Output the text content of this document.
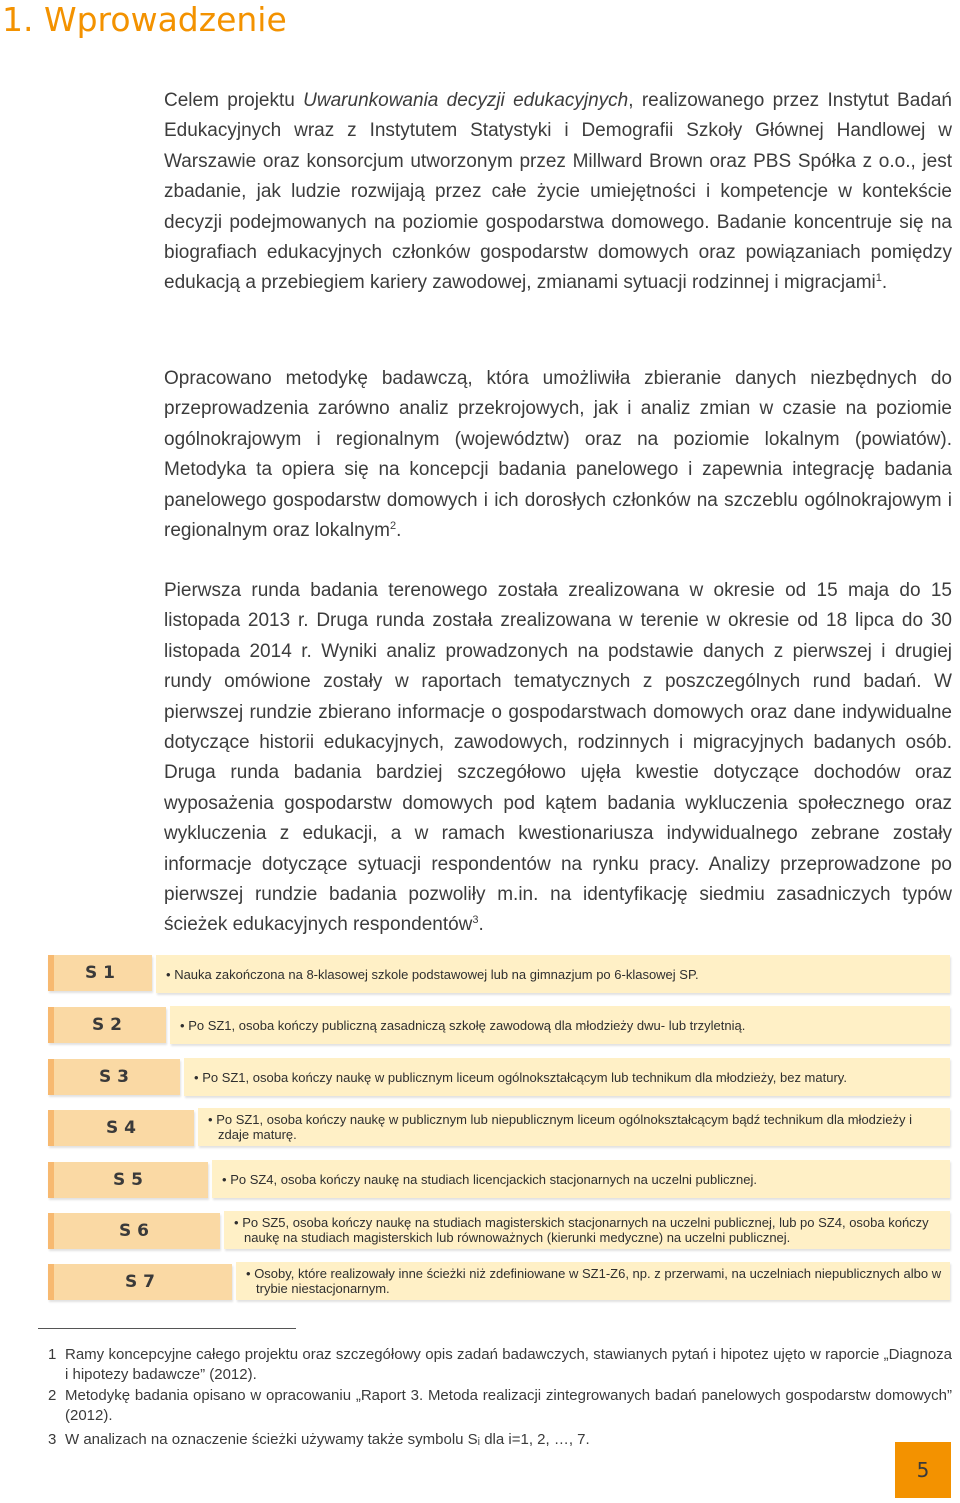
1. Wprowadzenie
Celem projektu Uwarunkowania decyzji edukacyjnych, realizowanego przez Instytut Badań Edukacyjnych wraz z Instytutem Statystyki i Demografii Szkoły Głównej Handlowej w Warszawie oraz konsorcjum utworzonym przez Millward Brown oraz PBS Spółka z o.o., jest zbadanie, jak ludzie rozwijają przez całe życie umiejętności i kompetencje w kontekście decyzji podejmowanych na poziomie gospodarstwa domowego. Badanie koncentruje się na biografiach edukacyjnych członków gospodarstw domowych oraz powiązaniach pomiędzy edukacją a przebiegiem kariery zawodowej, zmianami sytuacji rodzinnej i migracjami$^1$.
Opracowano metodykę badawczą, która umożliwiła zbieranie danych niezbędnych do przeprowadzenia zarówno analiz przekrojowych, jak i analiz zmian w czasie na poziomie ogólnokrajowym i regionalnym (województw) oraz na poziomie lokalnym (powiatów). Metodyka ta opiera się na koncepcji badania panelowego i zapewnia integrację badania panelowego gospodarstw domowych i ich dorosłych członków na szczeblu ogólnokrajowym i regionalnym oraz lokalnym$^2$.
Pierwsza runda badania terenowego została zrealizowana w okresie od 15 maja do 15 listopada 2013 r. Druga runda została zrealizowana w terenie w okresie od 18 lipca do 30 listopada 2014 r. Wyniki analiz prowadzonych na podstawie danych z pierwszej i drugiej rundy omówione zostały w raportach tematycznych z poszczególnych rund badań. W pierwszej rundzie zbierano informacje o gospodarstwach domowych oraz dane indywidualne dotyczące historii edukacyjnych, zawodowych, rodzinnych i migracyjnych badanych osób. Druga runda badania bardziej szczegółowo ujęła kwestie dotyczące dochodów oraz wyposażenia gospodarstw domowych pod kątem badania wykluczenia społecznego oraz wykluczenia z edukacji, a w ramach kwestionariusza indywidualnego zebrane zostały informacje dotyczące sytuacji respondentów na rynku pracy. Analizy przeprowadzone po pierwszej rundzie badania pozwoliły m.in. na identyfikację siedmiu zasadniczych typów ścieżek edukacyjnych respondentów$^3$.
S 1	• Nauka zakończona na 8-klasowej szkole podstawowej lub na gimnazjum po 6-klasowej SP.
S 2	• Po SZ1, osoba kończy publiczną zasadniczą szkołę zawodową dla młodzieży dwu- lub trzyletnią.
S 3	• Po SZ1, osoba kończy naukę w publicznym liceum ogólnokształcącym lub technikum dla młodzieży, bez matury.
S 4	• Po SZ1, osoba kończy naukę w publicznym lub niepublicznym liceum ogólnokształcącym bądź technikum dla młodzieży i zdaje maturę.
S 5	• Po SZ4, osoba kończy naukę na studiach licencjackich stacjonarnych na uczelni publicznej.
S 6	• Po SZ5, osoba kończy naukę na studiach magisterskich stacjonarnych na uczelni publicznej, lub po SZ4, osoba kończy naukę na studiach magisterskich lub równoważnych (kierunki medyczne) na uczelni publicznej.
S 7	• Osoby, które realizowały inne ścieżki niż zdefiniowane w SZ1-Z6, np. z przerwami, na uczelniach niepublicznych albo w trybie niestacjonarnym.
1 Ramy koncepcyjne całego projektu oraz szczegółowy opis zadań badawczych, stawianych pytań i hipotez ujęto w raporcie „Diagnoza i hipotezy badawcze” (2012).
2 Metodykę badania opisano w opracowaniu „Raport 3. Metoda realizacji zintegrowanych badań panelowych gospodarstw domowych” (2012).
3 W analizach na oznaczenie ścieżki używamy także symbolu Sᵢ dla i=1, 2, …, 7.
5
